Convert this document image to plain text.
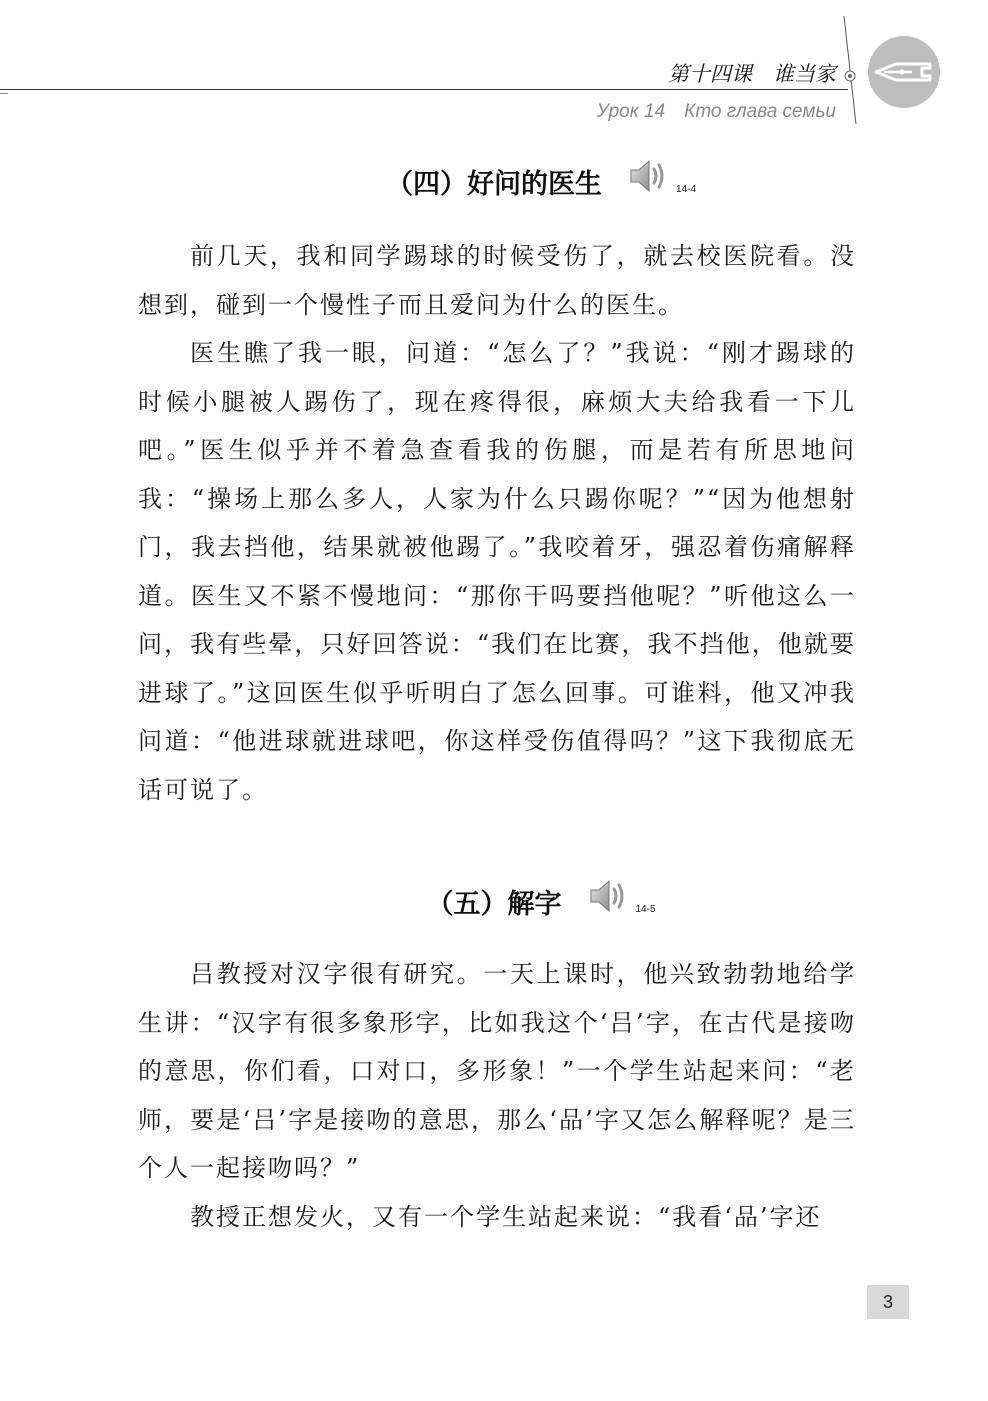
第十四课　谁当家
Урок 14　Кто глава семьи
（四）好问的医生	14-4

前几天，我和同学踢球的时候受伤了，就去校医院看。没想到，碰到一个慢性子而且爱问为什么的医生。

医生瞧了我一眼，问道：“怎么了？”我说：“刚才踢球的时候小腿被人踢伤了，现在疼得很，麻烦大夫给我看一下儿吧。”医生似乎并不着急查看我的伤腿，而是若有所思地问我：“操场上那么多人，人家为什么只踢你呢？”“因为他想射门，我去挡他，结果就被他踢了。”我咬着牙，强忍着伤痛解释道。医生又不紧不慢地问：“那你干吗要挡他呢？”听他这么一问，我有些晕，只好回答说：“我们在比赛，我不挡他，他就要进球了。”这回医生似乎听明白了怎么回事。可谁料，他又冲我问道：“他进球就进球吧，你这样受伤值得吗？”这下我彻底无话可说了。

（五）解字	14-5

吕教授对汉字很有研究。一天上课时，他兴致勃勃地给学生讲：“汉字有很多象形字，比如我这个‘吕’字，在古代是接吻的意思，你们看，口对口，多形象！”一个学生站起来问：“老师，要是‘吕’字是接吻的意思，那么‘品’字又怎么解释呢？是三个人一起接吻吗？”

教授正想发火，又有一个学生站起来说：“我看‘品’字还

3
